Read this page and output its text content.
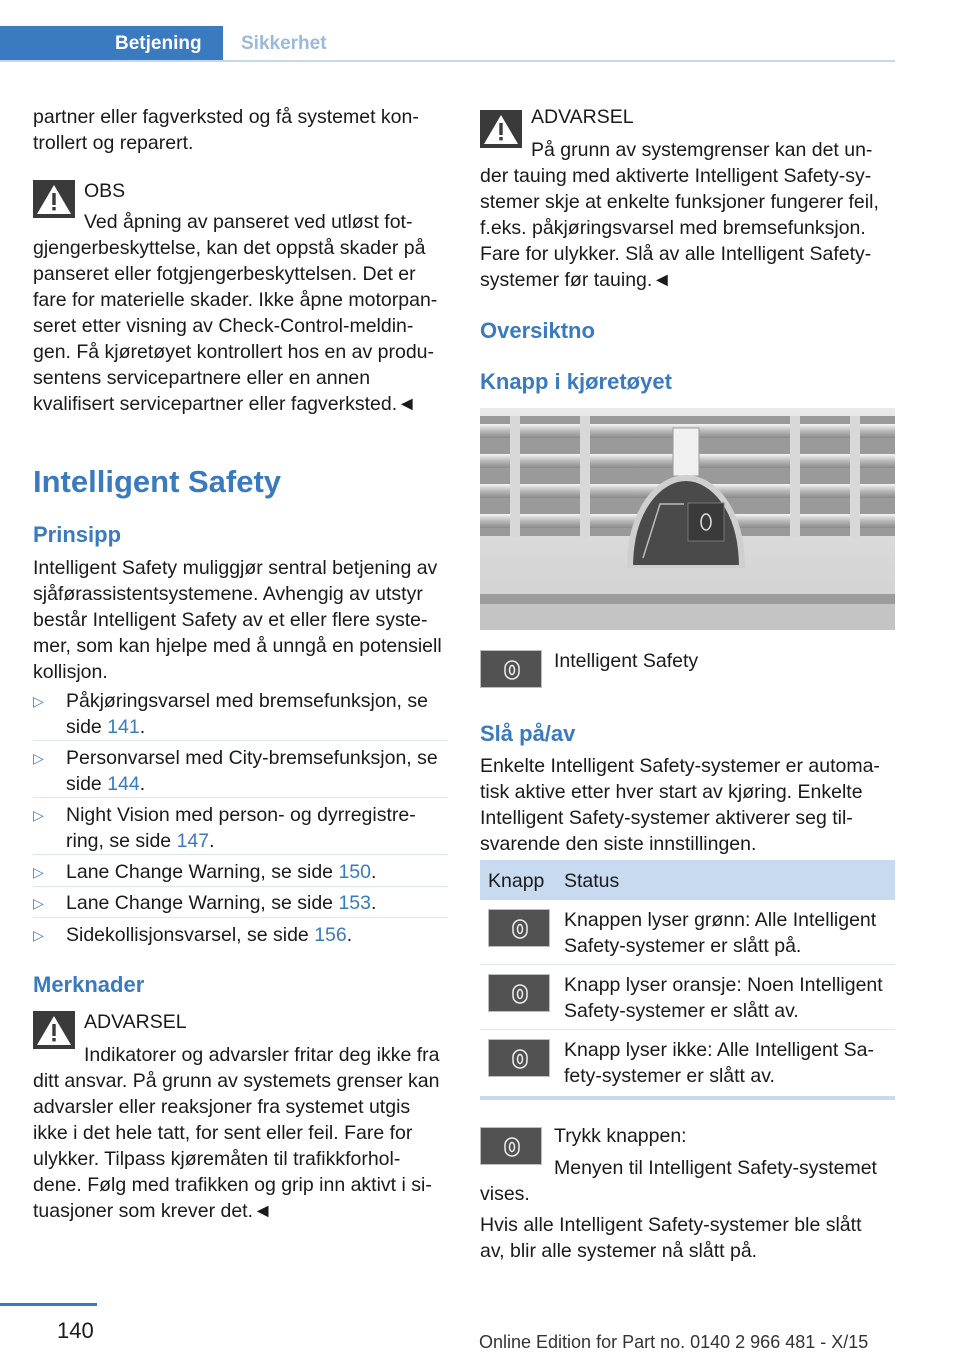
Betjening	Sikkerhet

partner eller fagverksted og få systemet kon-
trollert og reparert.

OBS

Ved åpning av panseret ved utløst fot-

gjengerbeskyttelse, kan det oppstå skader på

panseret eller fotgjengerbeskyttelsen. Det er

fare for materielle skader. Ikke åpne motorpan-

seret etter visning av Check-Control-meldin-

gen. Få kjøretøyet kontrollert hos en av produ-

sentens servicepartnere eller en annen

kvalifisert servicepartner eller fagverksted.◄

Intelligent Safety
Prinsipp

Intelligent Safety muliggjør sentral betjening av

sjåførassistentsystemene. Avhengig av utstyr

består Intelligent Safety av et eller flere syste-

mer, som kan hjelpe med å unngå en potensiell

kollisjon.

▷ Påkjøringsvarsel med bremsefunksjon, se
side 141.
▷ Personvarsel med City-bremsefunksjon, se
side 144.
▷ Night Vision med person- og dyrregistre-
ring, se side 147.
▷ Lane Change Warning, se side 150.
▷ Lane Change Warning, se side 153.
▷ Sidekollisjonsvarsel, se side 156.
Merknader

ADVARSEL

Indikatorer og advarsler fritar deg ikke fra

ditt ansvar. På grunn av systemets grenser kan

advarsler eller reaksjoner fra systemet utgis

ikke i det hele tatt, for sent eller feil. Fare for

ulykker. Tilpass kjøremåten til trafikkforhol-

dene. Følg med trafikken og grip inn aktivt i si-

tuasjoner som krever det.◄

ADVARSEL

På grunn av systemgrenser kan det un-

der tauing med aktiverte Intelligent Safety-sy-

stemer skje at enkelte funksjoner fungerer feil,

f.eks. påkjøringsvarsel med bremsefunksjon.

Fare for ulykker. Slå av alle Intelligent Safety-

systemer før tauing.◄

Oversiktno
Knapp i kjøretøyet

Intelligent Safety

Slå på/av

Enkelte Intelligent Safety-systemer er automa-

tisk aktive etter hver start av kjøring. Enkelte

Intelligent Safety-systemer aktiverer seg til-

svarende den siste innstillingen.

Knapp Status

Knappen lyser grønn: Alle Intelligent

Safety-systemer er slått på.

Knapp lyser oransje: Noen Intelligent

Safety-systemer er slått av.

Knapp lyser ikke: Alle Intelligent Sa-

fety-systemer er slått av.

Trykk knappen:

Menyen til Intelligent Safety-systemet

vises.

Hvis alle Intelligent Safety-systemer ble slått

av, blir alle systemer nå slått på.

140	Online Edition for Part no. 0140 2 966 481 - X/15
